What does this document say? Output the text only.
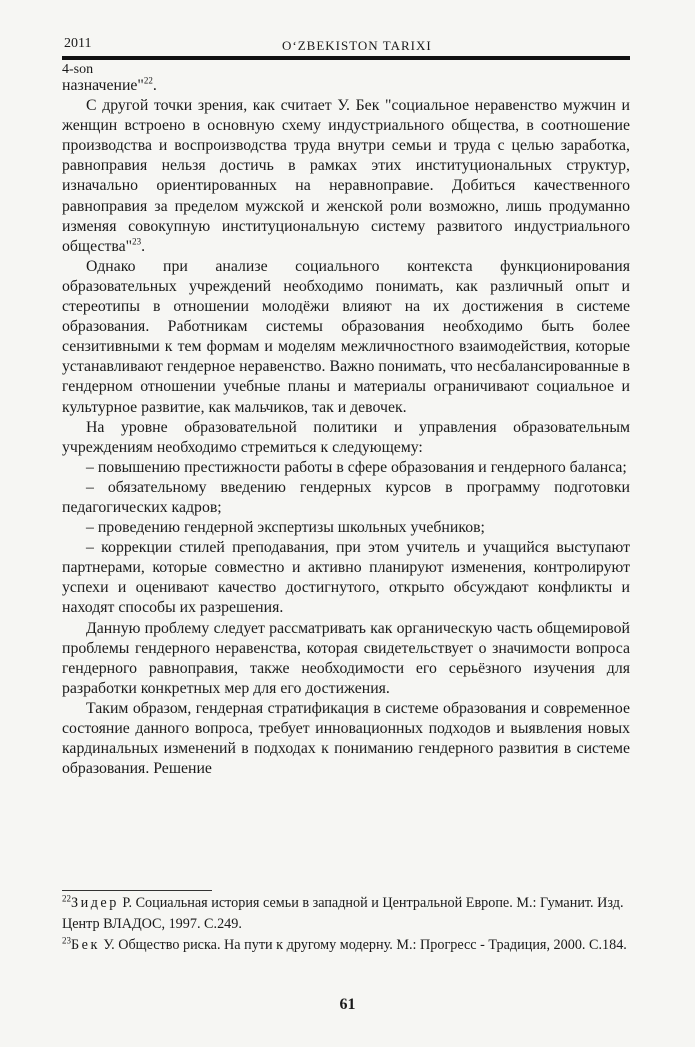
2011	O‘ZBEKISTON TARIXI
4-son

назначение"$^{22}$.

С другой точки зрения, как считает У. Бек "социальное неравенство мужчин и женщин встроено в основную схему индустриального общества, в соотношение производства и воспроизводства труда внутри семьи и труда с целью заработка, равноправия нельзя достичь в рамках этих институциональных структур, изначально ориентированных на неравноправие. Добиться качественного равноправия за пределом мужской и женской роли возможно, лишь продуманно изменяя совокупную институциональную систему развитого индустриального общества"$^{23}$.

Однако при анализе социального контекста функционирования образовательных учреждений необходимо понимать, как различный опыт и стереотипы в отношении молодёжи влияют на их достижения в системе образования. Работникам системы образования необходимо быть более сензитивными к тем формам и моделям межличностного взаимодействия, которые устанавливают гендерное неравенство. Важно понимать, что несбалансированные в гендерном отношении учебные планы и материалы ограничивают социальное и культурное развитие, как мальчиков, так и девочек.

На уровне образовательной политики и управления образовательным учреждениям необходимо стремиться к следующему:

– повышению престижности работы в сфере образования и гендерного баланса;

– обязательному введению гендерных курсов в программу подготовки педагогических кадров;

– проведению гендерной экспертизы школьных учебников;

– коррекции стилей преподавания, при этом учитель и учащийся выступают партнерами, которые совместно и активно планируют изменения, контролируют успехи и оценивают качество достигнутого, открыто обсуждают конфликты и находят способы их разрешения.

Данную проблему следует рассматривать как органическую часть общемировой проблемы гендерного неравенства, которая свидетельствует о значимости вопроса гендерного равноправия, также необходимости его серьёзного изучения для разработки конкретных мер для его достижения.

Таким образом, гендерная стратификация в системе образования и современное состояние данного вопроса, требует инновационных подходов и выявления новых кардинальных изменений в подходах к пониманию гендерного развития в системе образования. Решение

$^{22}$Зидер Р. Социальная история семьи в западной и Центральной Европе. М.: Гуманит. Изд. Центр ВЛАДОС, 1997. С.249.

$^{23}$Бек У. Общество риска. На пути к другому модерну. М.: Прогресс - Традиция, 2000. С.184.

61
